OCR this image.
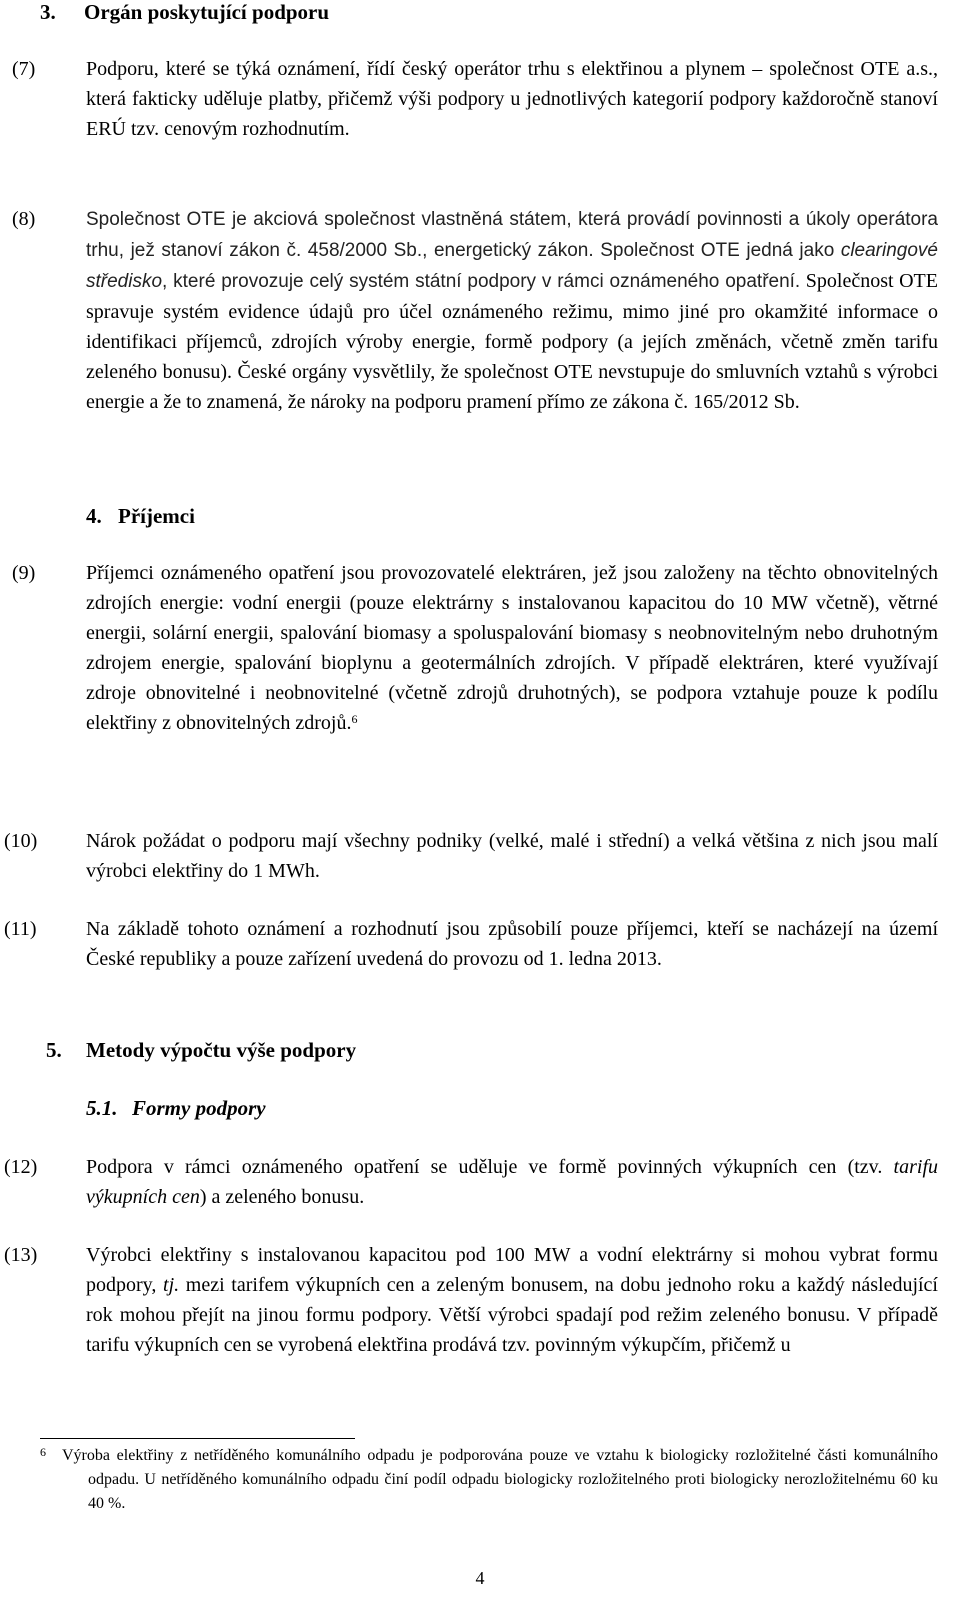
3. Orgán poskytující podporu
(7)	Podporu, které se týká oznámení, řídí český operátor trhu s elektřinou a plynem – společnost OTE a.s., která fakticky uděluje platby, přičemž výši podpory u jednotlivých kategorií podpory každoročně stanoví ERÚ tzv. cenovým rozhodnutím.
(8)	Společnost OTE je akciová společnost vlastněná státem, která provádí povinnosti a úkoly operátora trhu, jež stanoví zákon č. 458/2000 Sb., energetický zákon. Společnost OTE jedná jako clearingové středisko, které provozuje celý systém státní podpory v rámci oznámeného opatření. Společnost OTE spravuje systém evidence údajů pro účel oznámeného režimu, mimo jiné pro okamžité informace o identifikaci příjemců, zdrojích výroby energie, formě podpory (a jejích změnách, včetně změn tarifu zeleného bonusu). České orgány vysvětlily, že společnost OTE nevstupuje do smluvních vztahů s výrobci energie a že to znamená, že nároky na podporu pramení přímo ze zákona č. 165/2012 Sb.
4. Příjemci
(9)	Příjemci oznámeného opatření jsou provozovatelé elektráren, jež jsou založeny na těchto obnovitelných zdrojích energie: vodní energii (pouze elektrárny s instalovanou kapacitou do 10 MW včetně), větrné energii, solární energii, spalování biomasy a spoluspalování biomasy s neobnovitelným nebo druhotným zdrojem energie, spalování bioplynu a geotermálních zdrojích. V případě elektráren, které využívají zdroje obnovitelné i neobnovitelné (včetně zdrojů druhotných), se podpora vztahuje pouze k podílu elektřiny z obnovitelných zdrojů.$^6$
(10) Nárok požádat o podporu mají všechny podniky (velké, malé i střední) a velká většina z nich jsou malí výrobci elektřiny do 1 MWh.
(11) Na základě tohoto oznámení a rozhodnutí jsou způsobilí pouze příjemci, kteří se nacházejí na území České republiky a pouze zařízení uvedená do provozu od 1. ledna 2013.
5. Metody výpočtu výše podpory
5.1. Formy podpory
(12) Podpora v rámci oznámeného opatření se uděluje ve formě povinných výkupních cen (tzv. tarifu výkupních cen) a zeleného bonusu.
(13) Výrobci elektřiny s instalovanou kapacitou pod 100 MW a vodní elektrárny si mohou vybrat formu podpory, tj. mezi tarifem výkupních cen a zeleným bonusem, na dobu jednoho roku a každý následující rok mohou přejít na jinou formu podpory. Větší výrobci spadají pod režim zeleného bonusu. V případě tarifu výkupních cen se vyrobená elektřina prodává tzv. povinným výkupčím, přičemž u
6 Výroba elektřiny z netříděného komunálního odpadu je podporována pouze ve vztahu k biologicky rozložitelné části komunálního odpadu. U netříděného komunálního odpadu činí podíl odpadu biologicky rozložitelného proti biologicky nerozložitelnému 60 ku 40 %.
4
